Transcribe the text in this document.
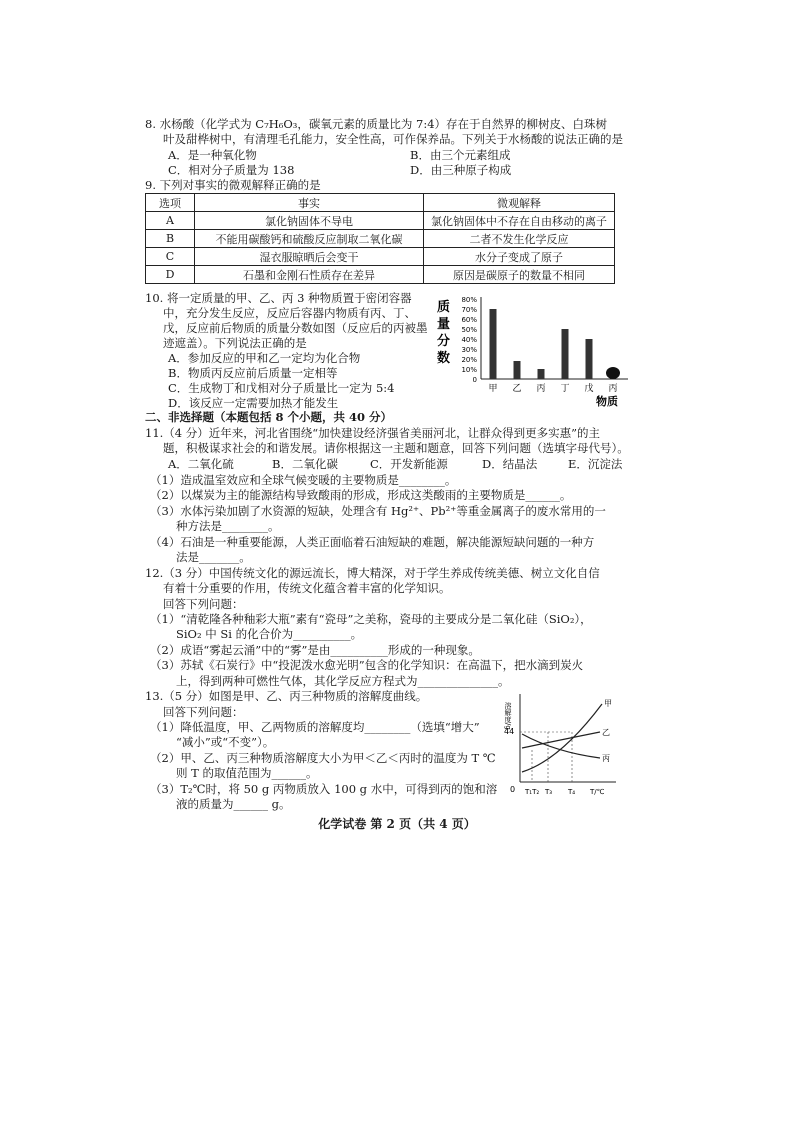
8. 水杨酸（化学式为 C₇H₆O₃，碳氧元素的质量比为 7:4）存在于自然界的柳树皮、白珠树
叶及甜桦树中，有清理毛孔能力，安全性高，可作保养品。下列关于水杨酸的说法正确的是
A．是一种氧化物	B．由三个元素组成
C．相对分子质量为 138	D．由三种原子构成
9. 下列对事实的微观解释正确的是
选项	事实	微观解释
A	氯化钠固体不导电	氯化钠固体中不存在自由移动的离子
B	不能用碳酸钙和硫酸反应制取二氧化碳	二者不发生化学反应
C	湿衣服晾晒后会变干	水分子变成了原子
D	石墨和金刚石性质存在差异	原因是碳原子的数量不相同
10. 将一定质量的甲、乙、丙 3 种物质置于密闭容器
中，充分发生反应，反应后容器内物质有丙、丁、
戊，反应前后物质的质量分数如图（反应后的丙被墨
迹遮盖）。下列说法正确的是
A．参加反应的甲和乙一定均为化合物
B．物质丙反应前后质量一定相等
C．生成物丁和戊相对分子质量比一定为 5:4
D．该反应一定需要加热才能发生
质
量
分
数
80%
70%
60%
50%
40%
30%
20%
10%
0
甲 乙 丙 丁 戊 丙
物质
二、非选择题（本题包括 8 个小题，共 40 分）
11.（4 分）近年来，河北省围绕“加快建设经济强省美丽河北，让群众得到更多实惠”的主
题，积极谋求社会的和谐发展。请你根据这一主题和题意，回答下列问题（选填字母代号）。
A．二氧化硫	B．二氧化碳	C．开发新能源	D．结晶法	E．沉淀法
（1）造成温室效应和全球气候变暖的主要物质是________。
（2）以煤炭为主的能源结构导致酸雨的形成，形成这类酸雨的主要物质是______。
（3）水体污染加剧了水资源的短缺，处理含有 Hg²⁺、Pb²⁺等重金属离子的废水常用的一
种方法是________。
（4）石油是一种重要能源，人类正面临着石油短缺的难题，解决能源短缺问题的一种方
法是_______。
12.（3 分）中国传统文化的源远流长，博大精深，对于学生养成传统美德、树立文化自信
有着十分重要的作用，传统文化蕴含着丰富的化学知识。
回答下列问题：
（1）“清乾隆各种釉彩大瓶”素有“瓷母”之美称，瓷母的主要成分是二氧化硅（SiO₂），
SiO₂ 中 Si 的化合价为__________。
（2）成语“雾起云涌”中的“雾”是由__________形成的一种现象。
（3）苏轼《石炭行》中“投泥泼水愈光明”包含的化学知识：在高温下，把水滴到炭火
上，得到两种可燃性气体，其化学反应方程式为______________。
13.（5 分）如图是甲、乙、丙三种物质的溶解度曲线。
回答下列问题：
（1）降低温度，甲、乙两物质的溶解度均________（选填“增大”
“减小”或“不变”）。
（2）甲、乙、丙三种物质溶解度大小为甲＜乙＜丙时的温度为 T ℃
则 T 的取值范围为______。
（3）T₂℃时，将 50 g 丙物质放入 100 g 水中，可得到丙的饱和溶
液的质量为______ g。
溶解度/g
44
甲
乙
丙
0 T₁T₂ T₃ T₄ T/℃
化学试卷 第 2 页（共 4 页）
